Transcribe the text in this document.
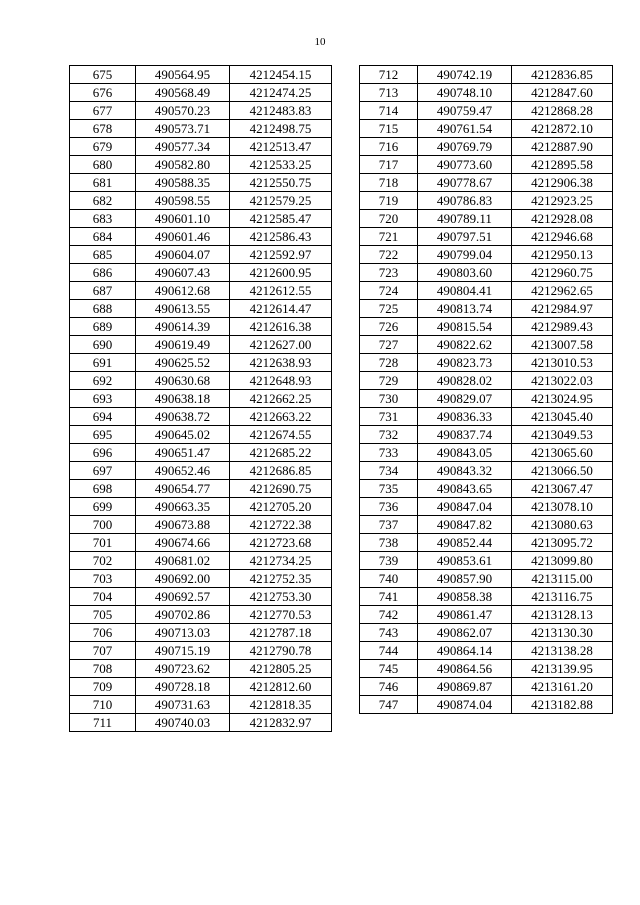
10
675	490564.95	4212454.15
676	490568.49	4212474.25
677	490570.23	4212483.83
678	490573.71	4212498.75
679	490577.34	4212513.47
680	490582.80	4212533.25
681	490588.35	4212550.75
682	490598.55	4212579.25
683	490601.10	4212585.47
684	490601.46	4212586.43
685	490604.07	4212592.97
686	490607.43	4212600.95
687	490612.68	4212612.55
688	490613.55	4212614.47
689	490614.39	4212616.38
690	490619.49	4212627.00
691	490625.52	4212638.93
692	490630.68	4212648.93
693	490638.18	4212662.25
694	490638.72	4212663.22
695	490645.02	4212674.55
696	490651.47	4212685.22
697	490652.46	4212686.85
698	490654.77	4212690.75
699	490663.35	4212705.20
700	490673.88	4212722.38
701	490674.66	4212723.68
702	490681.02	4212734.25
703	490692.00	4212752.35
704	490692.57	4212753.30
705	490702.86	4212770.53
706	490713.03	4212787.18
707	490715.19	4212790.78
708	490723.62	4212805.25
709	490728.18	4212812.60
710	490731.63	4212818.35
711	490740.03	4212832.97
712	490742.19	4212836.85
713	490748.10	4212847.60
714	490759.47	4212868.28
715	490761.54	4212872.10
716	490769.79	4212887.90
717	490773.60	4212895.58
718	490778.67	4212906.38
719	490786.83	4212923.25
720	490789.11	4212928.08
721	490797.51	4212946.68
722	490799.04	4212950.13
723	490803.60	4212960.75
724	490804.41	4212962.65
725	490813.74	4212984.97
726	490815.54	4212989.43
727	490822.62	4213007.58
728	490823.73	4213010.53
729	490828.02	4213022.03
730	490829.07	4213024.95
731	490836.33	4213045.40
732	490837.74	4213049.53
733	490843.05	4213065.60
734	490843.32	4213066.50
735	490843.65	4213067.47
736	490847.04	4213078.10
737	490847.82	4213080.63
738	490852.44	4213095.72
739	490853.61	4213099.80
740	490857.90	4213115.00
741	490858.38	4213116.75
742	490861.47	4213128.13
743	490862.07	4213130.30
744	490864.14	4213138.28
745	490864.56	4213139.95
746	490869.87	4213161.20
747	490874.04	4213182.88
